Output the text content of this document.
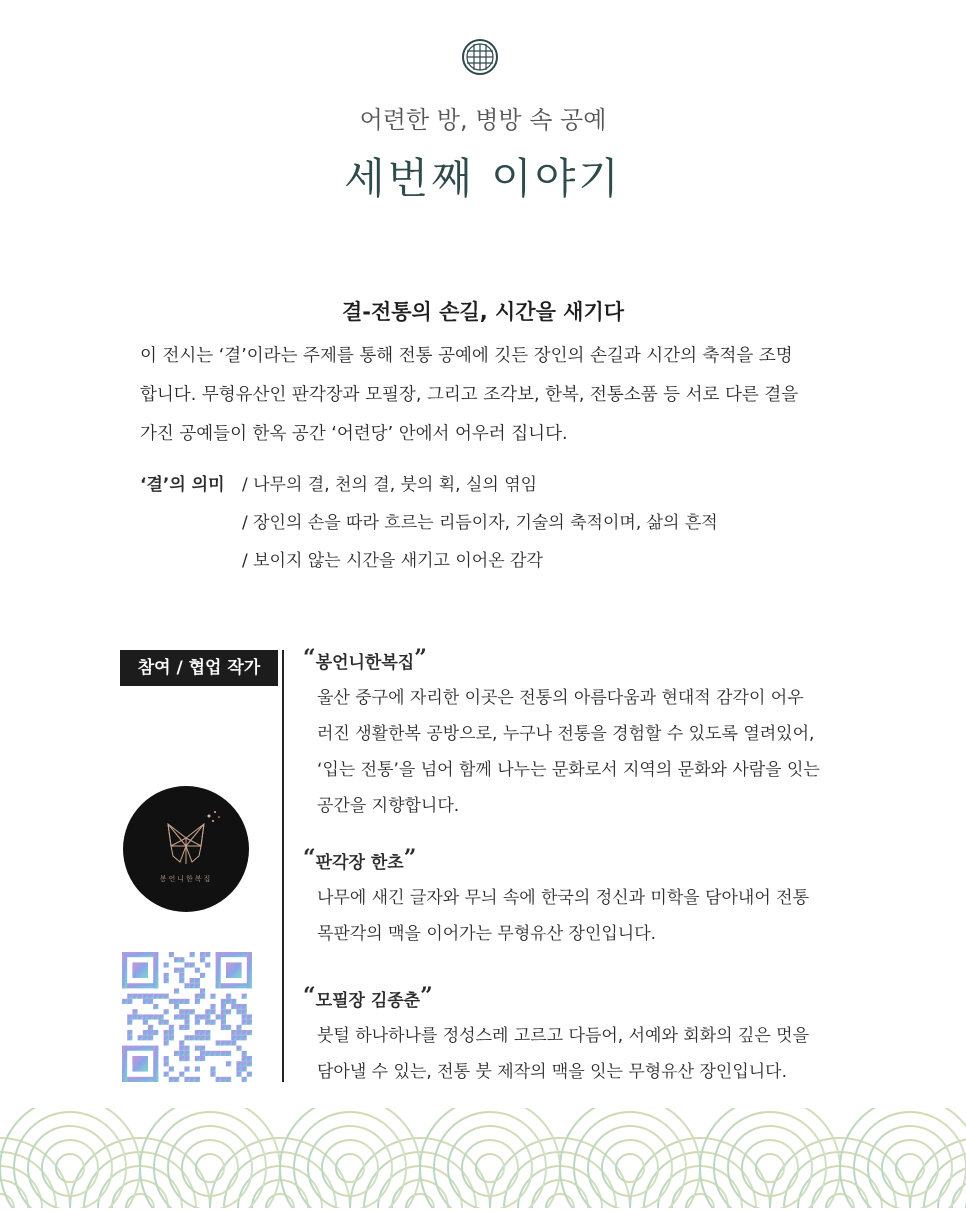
어련한 방, 병방 속 공예
세번째 이야기
결-전통의 손길, 시간을 새기다
이 전시는 ‘결’이라는 주제를 통해 전통 공예에 깃든 장인의 손길과 시간의 축적을 조명
합니다. 무형유산인 판각장과 모필장, 그리고 조각보, 한복, 전통소품 등 서로 다른 결을
가진 공예들이 한옥 공간 ‘어련당’ 안에서 어우러 집니다.
‘결’의 의미 / 나무의 결, 천의 결, 붓의 획, 실의 엮임
/ 장인의 손을 따라 흐르는 리듬이자, 기술의 축적이며, 삶의 흔적
/ 보이지 않는 시간을 새기고 이어온 감각
참여 / 협업 작가
봉언니한복집
“봉언니한복집”
울산 중구에 자리한 이곳은 전통의 아름다움과 현대적 감각이 어우
러진 생활한복 공방으로, 누구나 전통을 경험할 수 있도록 열려있어,
‘입는 전통’을 넘어 함께 나누는 문화로서 지역의 문화와 사람을 잇는
공간을 지향합니다.
“판각장 한초”
나무에 새긴 글자와 무늬 속에 한국의 정신과 미학을 담아내어 전통
목판각의 맥을 이어가는 무형유산 장인입니다.
“모필장 김종춘”
붓털 하나하나를 정성스레 고르고 다듬어, 서예와 회화의 깊은 멋을
담아낼 수 있는, 전통 붓 제작의 맥을 잇는 무형유산 장인입니다.
